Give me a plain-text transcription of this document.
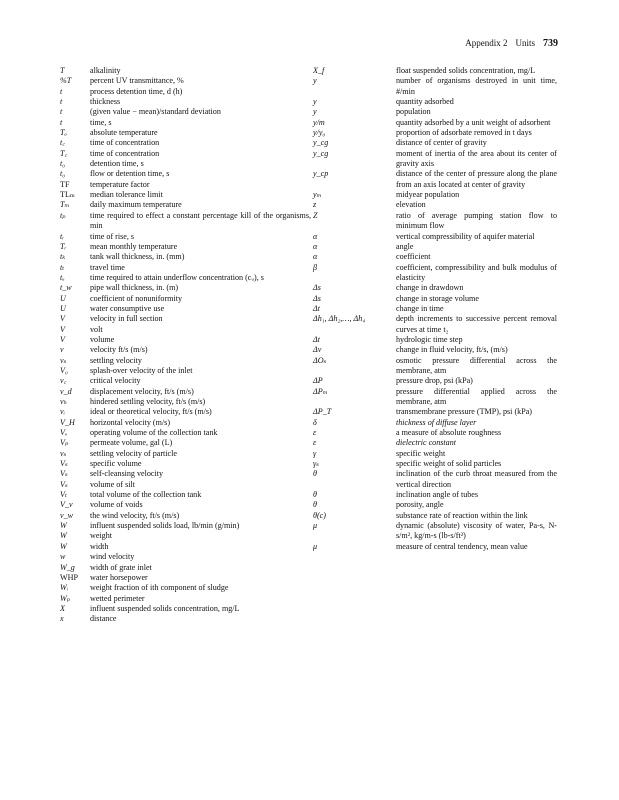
Appendix 2 Units 739
T	alkalinity
%T percent UV transmittance, %
t	process detention time, d (h)
t	thickness
t	(given value − mean)/standard deviation
t	time, s
Tₐ	absolute temperature
t꜀	time of concentration
T꜀	time of concentration
t₀	detention time, s
t₀	flow or detention time, s
TF	temperature factor
TLₘ median tolerance limit
Tₘ	daily maximum temperature
tₚ	time required to effect a constant percentage kill of the organisms, min
tᵣ	time of rise, s
Tᵣ	mean monthly temperature
tₖ	tank wall thickness, in. (mm)
tₜ	travel time
tᵤ	time required to attain underflow concentration (cᵤ), s
t_w pipe wall thickness, in. (m)
U	coefficient of nonuniformity
U	water consumptive use
V	velocity in full section
V	volt
V	volume
v	velocity ft/s (m/s)
vₛ	settling velocity
V₀	splash-over velocity of the inlet
v꜀	critical velocity
v_d displacement velocity, ft/s (m/s)
vₕ	hindered settling velocity, ft/s (m/s)
vᵢ	ideal or theoretical velocity, ft/s (m/s)
V_H horizontal velocity (m/s)
Vₒ	operating volume of the collection tank
Vₚ	permeate volume, gal (L)
vₛ	settling velocity of particle
Vₛ	specific volume
Vₛ	self-cleansing velocity
Vₛ	volume of silt
Vₜ	total volume of the collection tank
V_v volume of voids
v_w the wind velocity, ft/s (m/s)
W	influent suspended solids load, lb/min (g/min)
W	weight
W	width
w	wind velocity
W_g width of grate inlet
WHP water horsepower
Wᵢ	weight fraction of ith component of sludge
Wₚ wetted perimeter
X	influent suspended solids concentration, mg/L
x	distance
X_f	float suspended solids concentration, mg/L
y	number of organisms destroyed in unit time, #/min
y	quantity adsorbed
y	population
y/m	quantity adsorbed by a unit weight of adsorbent
y/y₀	proportion of adsorbate removed in t days
y_cg	distance of center of gravity
y_cg	moment of inertia of the area about its center of gravity axis
y_cp	distance of the center of pressure along the plane from an axis located at center of gravity
yₘ	midyear population
z	elevation
Z	ratio of average pumping station flow to minimum flow
α	vertical compressibility of aquifer material
α	angle
α	coefficient
β	coefficient, compressibility and bulk modulus of elasticity
Δs	change in drawdown
Δs	change in storage volume
Δt	change in time
Δh₁, Δh₂,…, Δh₄	depth increments to successive percent removal curves at time t₂
Δt	hydrologic time step
Δv	change in fluid velocity, ft/s, (m/s)
ΔOₛ	osmotic pressure differential across the membrane, atm
ΔP	pressure drop, psi (kPa)
ΔPₘ	pressure differential applied across the membrane, atm
ΔP_T	transmembrane pressure (TMP), psi (kPa)
δ	thickness of diffuse layer
ε	a measure of absolute roughness
ε	dielectric constant
γ	specific weight
γₛ	specific weight of solid particles
θ	inclination of the curb throat measured from the vertical direction
θ	inclination angle of tubes
θ	porosity, angle
θ(c)	substance rate of reaction within the link
μ	dynamic (absolute) viscosity of water, Pa-s, N-s/m², kg/m-s (lb-s/ft²)
μ	measure of central tendency, mean value
